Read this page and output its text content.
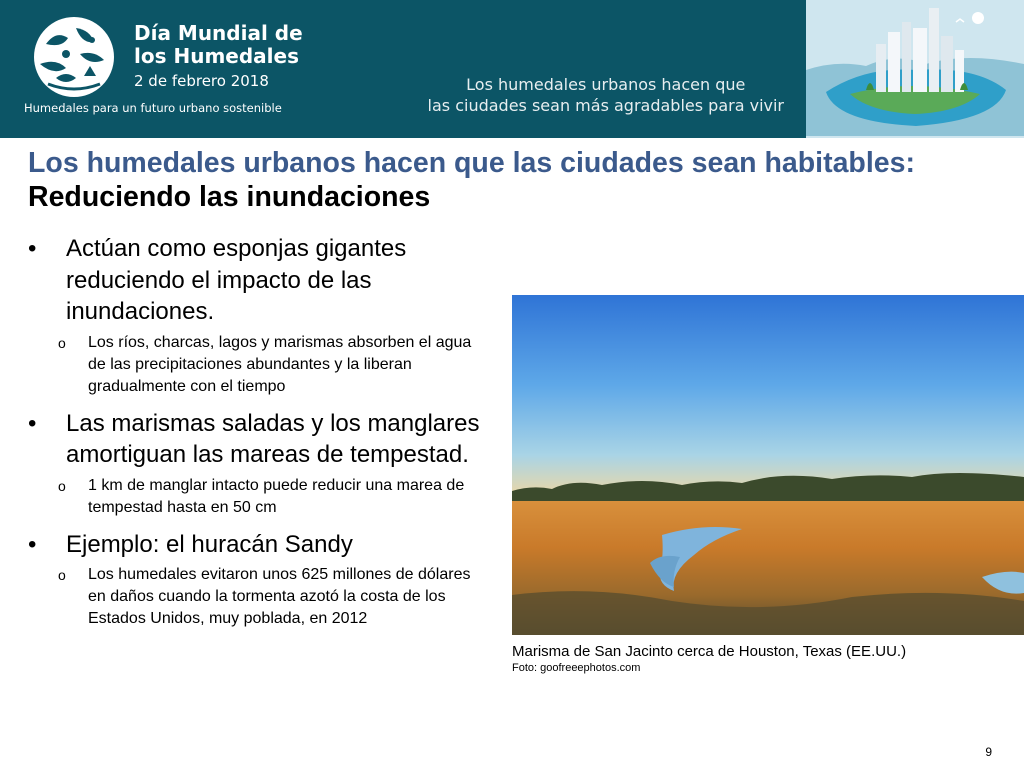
Día Mundial de
los Humedales
2 de febrero 2018
Humedales para un futuro urbano sostenible
Los humedales urbanos hacen que
las ciudades sean más agradables para vivir
Los humedales urbanos hacen que las ciudades sean habitables: Reduciendo las inundaciones
• Actúan como esponjas gigantes reduciendo el impacto de las inundaciones.
o Los ríos, charcas, lagos y marismas absorben el agua de las precipitaciones abundantes y la liberan gradualmente con el tiempo
• Las marismas saladas y los manglares amortiguan las mareas de tempestad.
o 1 km de manglar intacto puede reducir una marea de tempestad hasta en 50 cm
• Ejemplo: el huracán Sandy
o Los humedales evitaron unos 625 millones de dólares en daños cuando la tormenta azotó la costa de los Estados Unidos, muy poblada, en 2012
Marisma de San Jacinto cerca de Houston, Texas (EE.UU.)
Foto: goofreeephotos.com
9
